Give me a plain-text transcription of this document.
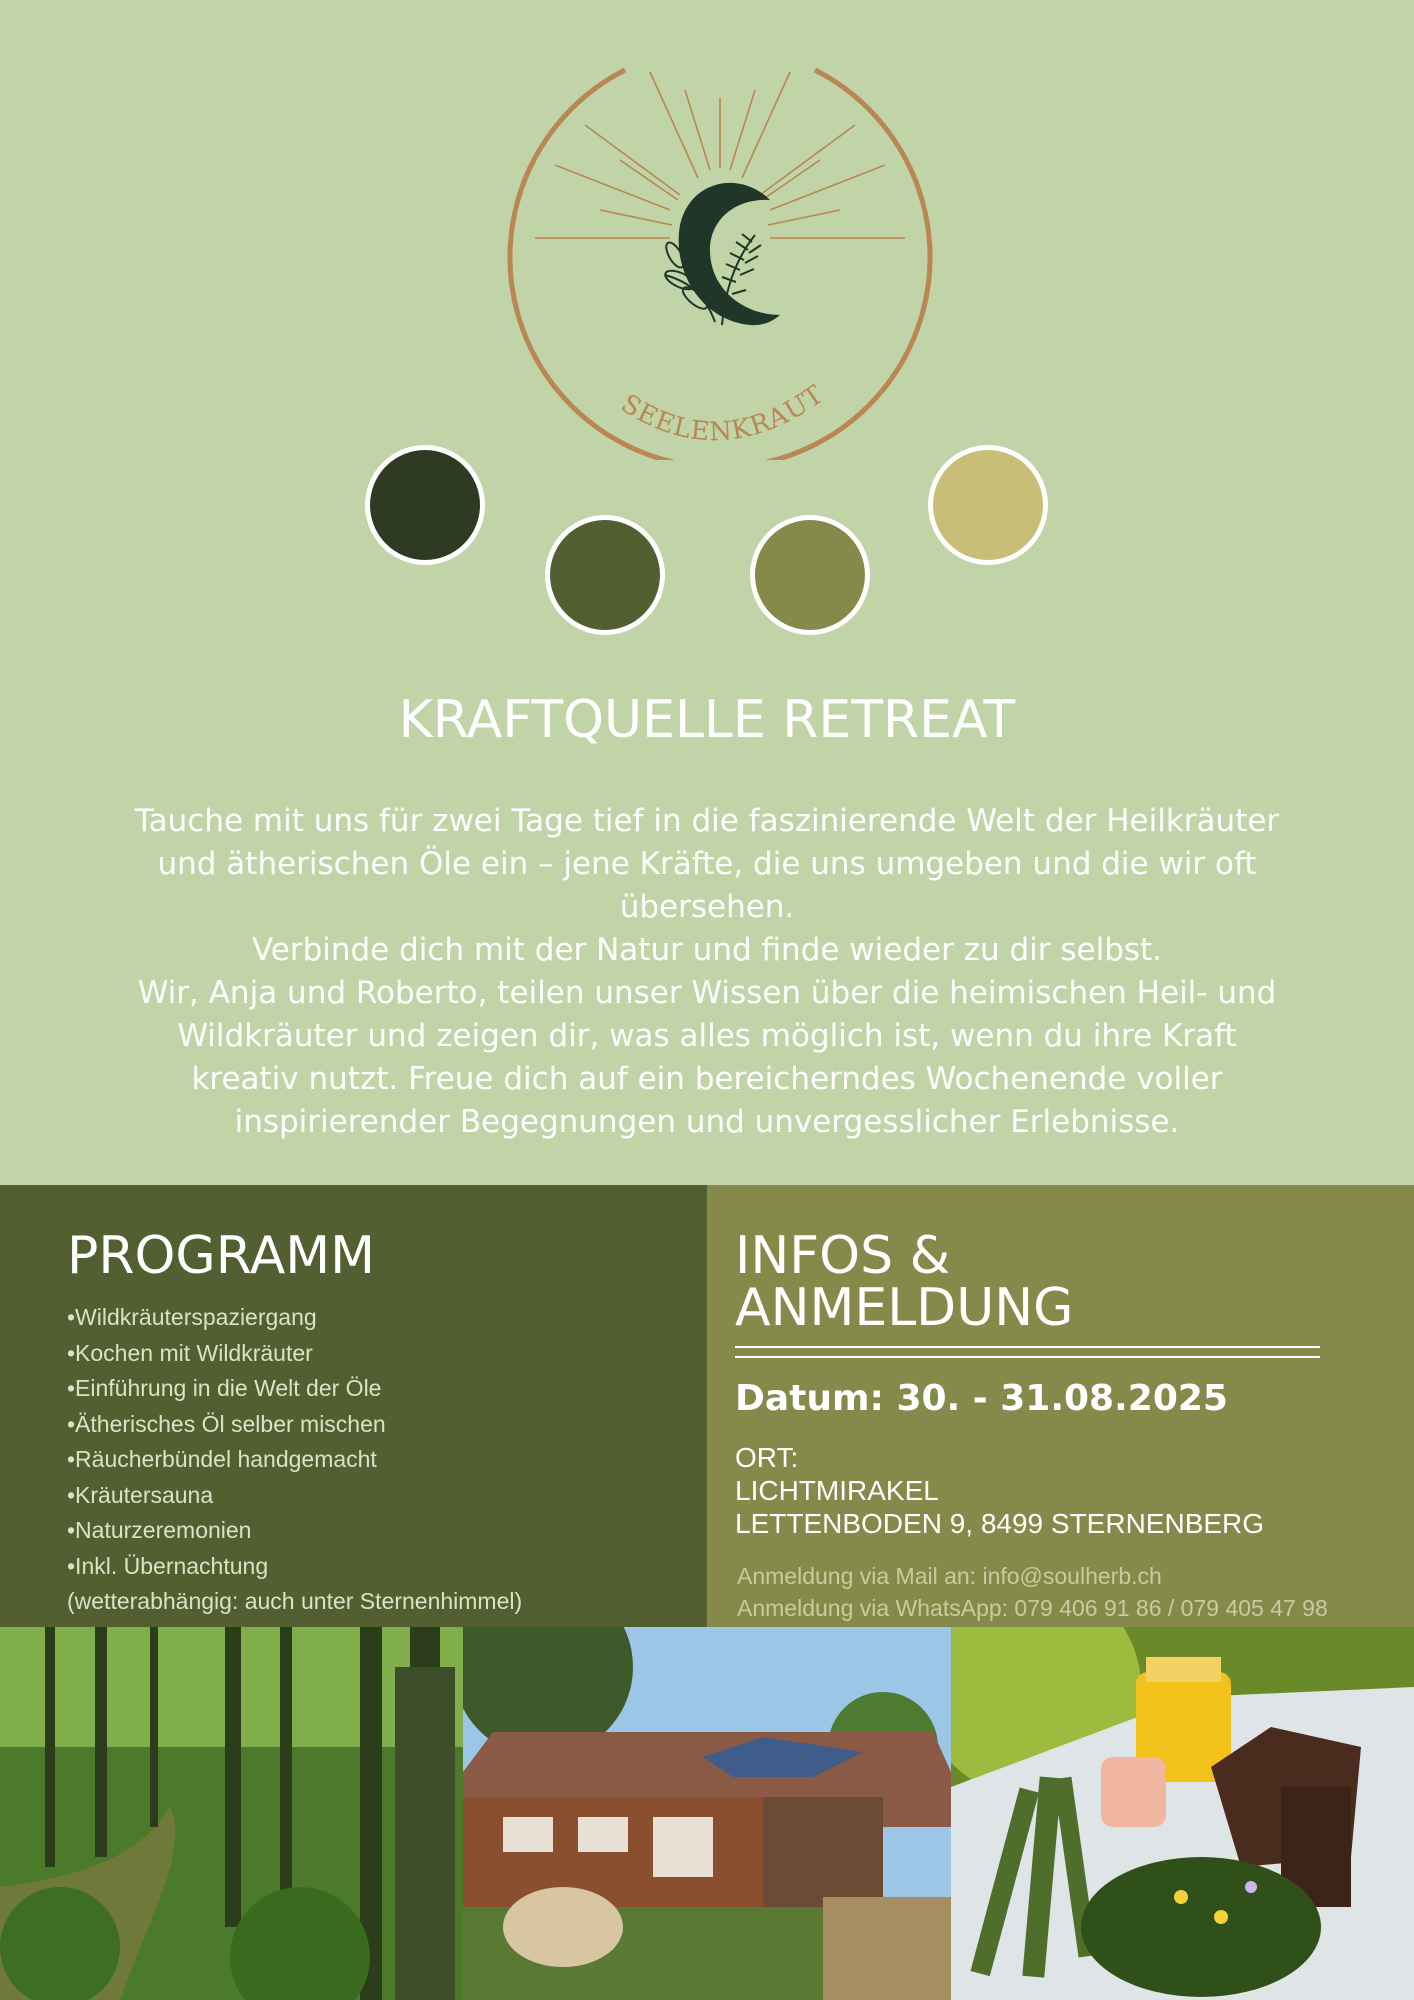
SEELENKRAUT
KRAFTQUELLE RETREAT

Tauche mit uns für zwei Tage tief in die faszinierende Welt der Heilkräuter und ätherischen Öle ein – jene Kräfte, die uns umgeben und die wir oft übersehen.

Verbinde dich mit der Natur und finde wieder zu dir selbst.

Wir, Anja und Roberto, teilen unser Wissen über die heimischen Heil- und Wildkräuter und zeigen dir, was alles möglich ist, wenn du ihre Kraft kreativ nutzt. Freue dich auf ein bereicherndes Wochenende voller inspirierender Begegnungen und unvergesslicher Erlebnisse.

PROGRAMM
•Wildkräuterspaziergang
•Kochen mit Wildkräuter
•Einführung in die Welt der Öle
•Ätherisches Öl selber mischen
•Räucherbündel handgemacht
•Kräutersauna
•Naturzeremonien
•Inkl. Übernachtung
(wetterabhängig: auch unter Sternenhimmel)
INFOS &
ANMELDUNG
Datum: 30. - 31.08.2025
ORT:
LICHTMIRAKEL
LETTENBODEN 9, 8499 STERNENBERG
Anmeldung via Mail an: info@soulherb.ch
Anmeldung via WhatsApp: 079 406 91 86 / 079 405 47 98
